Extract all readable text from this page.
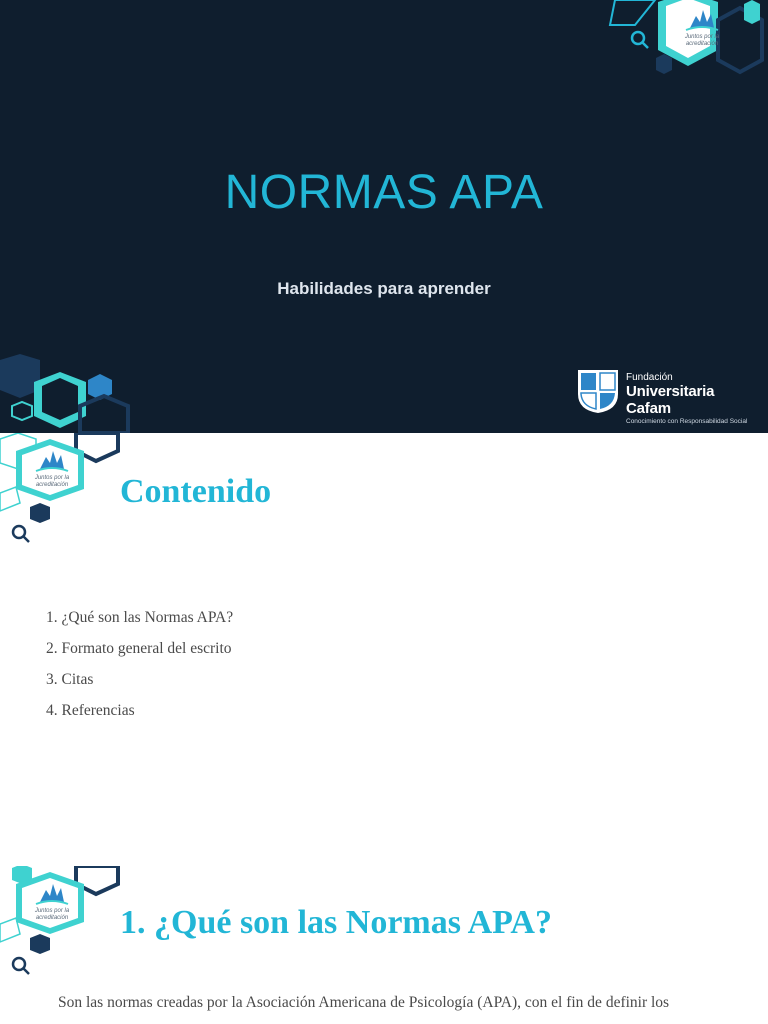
Juntos por la
acreditación
NORMAS APA
Habilidades para aprender
Fundación
Universitaria Cafam
Conocimiento con Responsabilidad Social
Juntos por la
acreditación Contenido
1. ¿Qué son las Normas APA?
2. Formato general del escrito
3. Citas
4. Referencias
Juntos por la
acreditación 1. ¿Qué son las Normas APA?
Son las normas creadas por la Asociación Americana de Psicología (APA), con el fin de definir los
